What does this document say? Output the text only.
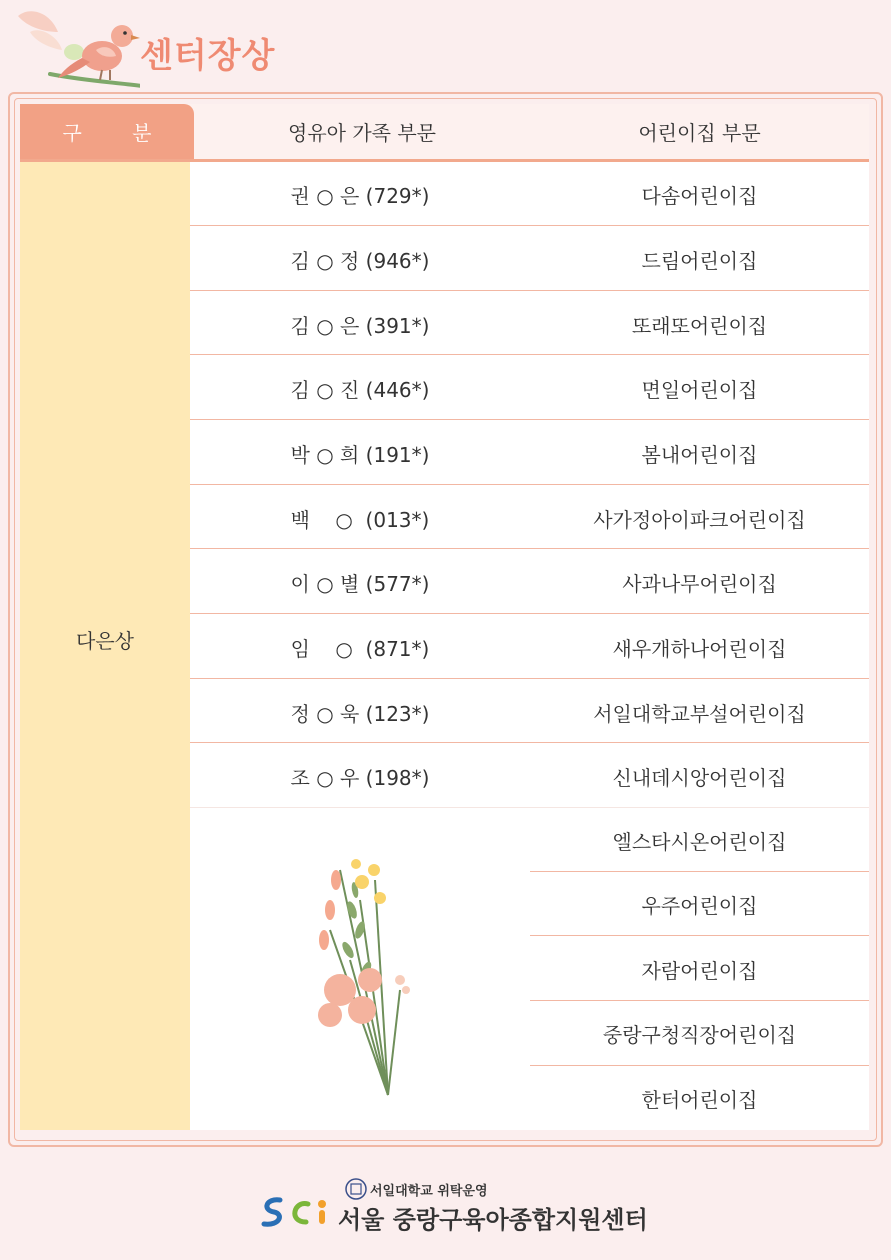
센터장상
구 분	영유아 가족 부문	어린이집 부문
다은상
권 ○ 은 (729*)
김 ○ 정 (946*)
김 ○ 은 (391*)
김 ○ 진 (446*)
박 ○ 희 (191*)
백    ○  (013*)
이 ○ 별 (577*)
임    ○  (871*)
정 ○ 욱 (123*)
조 ○ 우 (198*)
다솜어린이집
드림어린이집
또래또어린이집
면일어린이집
봄내어린이집
사가정아이파크어린이집
사과나무어린이집
새우개하나어린이집
서일대학교부설어린이집
신내데시앙어린이집
엘스타시온어린이집
우주어린이집
자람어린이집
중랑구청직장어린이집
한터어린이집
서일대학교 위탁운영
서울 중랑구육아종합지원센터
